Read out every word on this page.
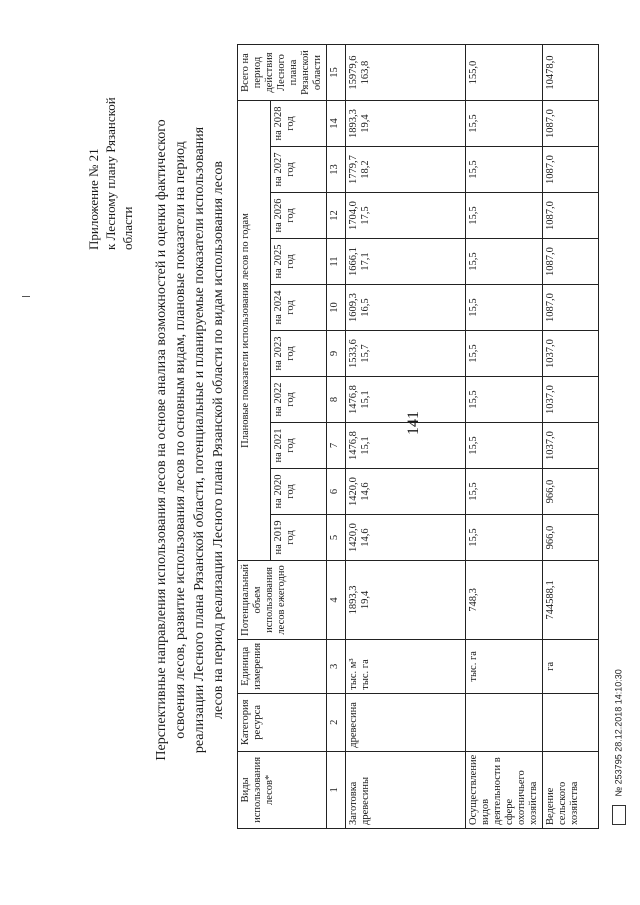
141
Приложение № 21 к Лесному плану Рязанской области Перспективные направления использования лесов на основе анализа возможностей и оценки фактического освоения лесов, развитие использования лесов по основным видам, плановые показатели на период реализации Лесного плана Рязанской области, потенциальные и планируемые показатели использования лесов на период реализации Лесного плана Рязанской области по видам использования лесов
Виды использования лесов*	Категория ресурса	Единица измерения	Потенциальный объем использования лесов ежегодно	Плановые показатели использования лесов по годам										Всего на период действия Лесного плана Рязанской области
				на 2019 год	на 2020 год	на 2021 год	на 2022 год	на 2023 год	на 2024 год	на 2025 год	на 2026 год	на 2027 год	на 2028 год	
1	2	3	4	5	6	7	8	9	10	11	12	13	14	15
Заготовка древесины	древесина	тыс. м³ тыс. га	1893,3 19,4	1420,0 14,6	1420,0 14,6	1476,8 15,1	1476,8 15,1	1533,6 15,7	1609,3 16,5	1666,1 17,1	1704,0 17,5	1779,7 18,2	1893,3 19,4	15979,6 163,8

Осуществление видов деятельности в сфере охотничьего хозяйства		тыс. га	748,3	15,5	15,5	15,5	15,5	15,5	15,5	15,5	15,5	15,5	15,5	155,0
Ведение сельского хозяйства		га	744588,1	966,0	966,0	1037,0	1037,0	1037,0	1087,0	1087,0	1087,0	1087,0	1087,0	10478,0
№ 253795 28.12.2018 14:10:30
